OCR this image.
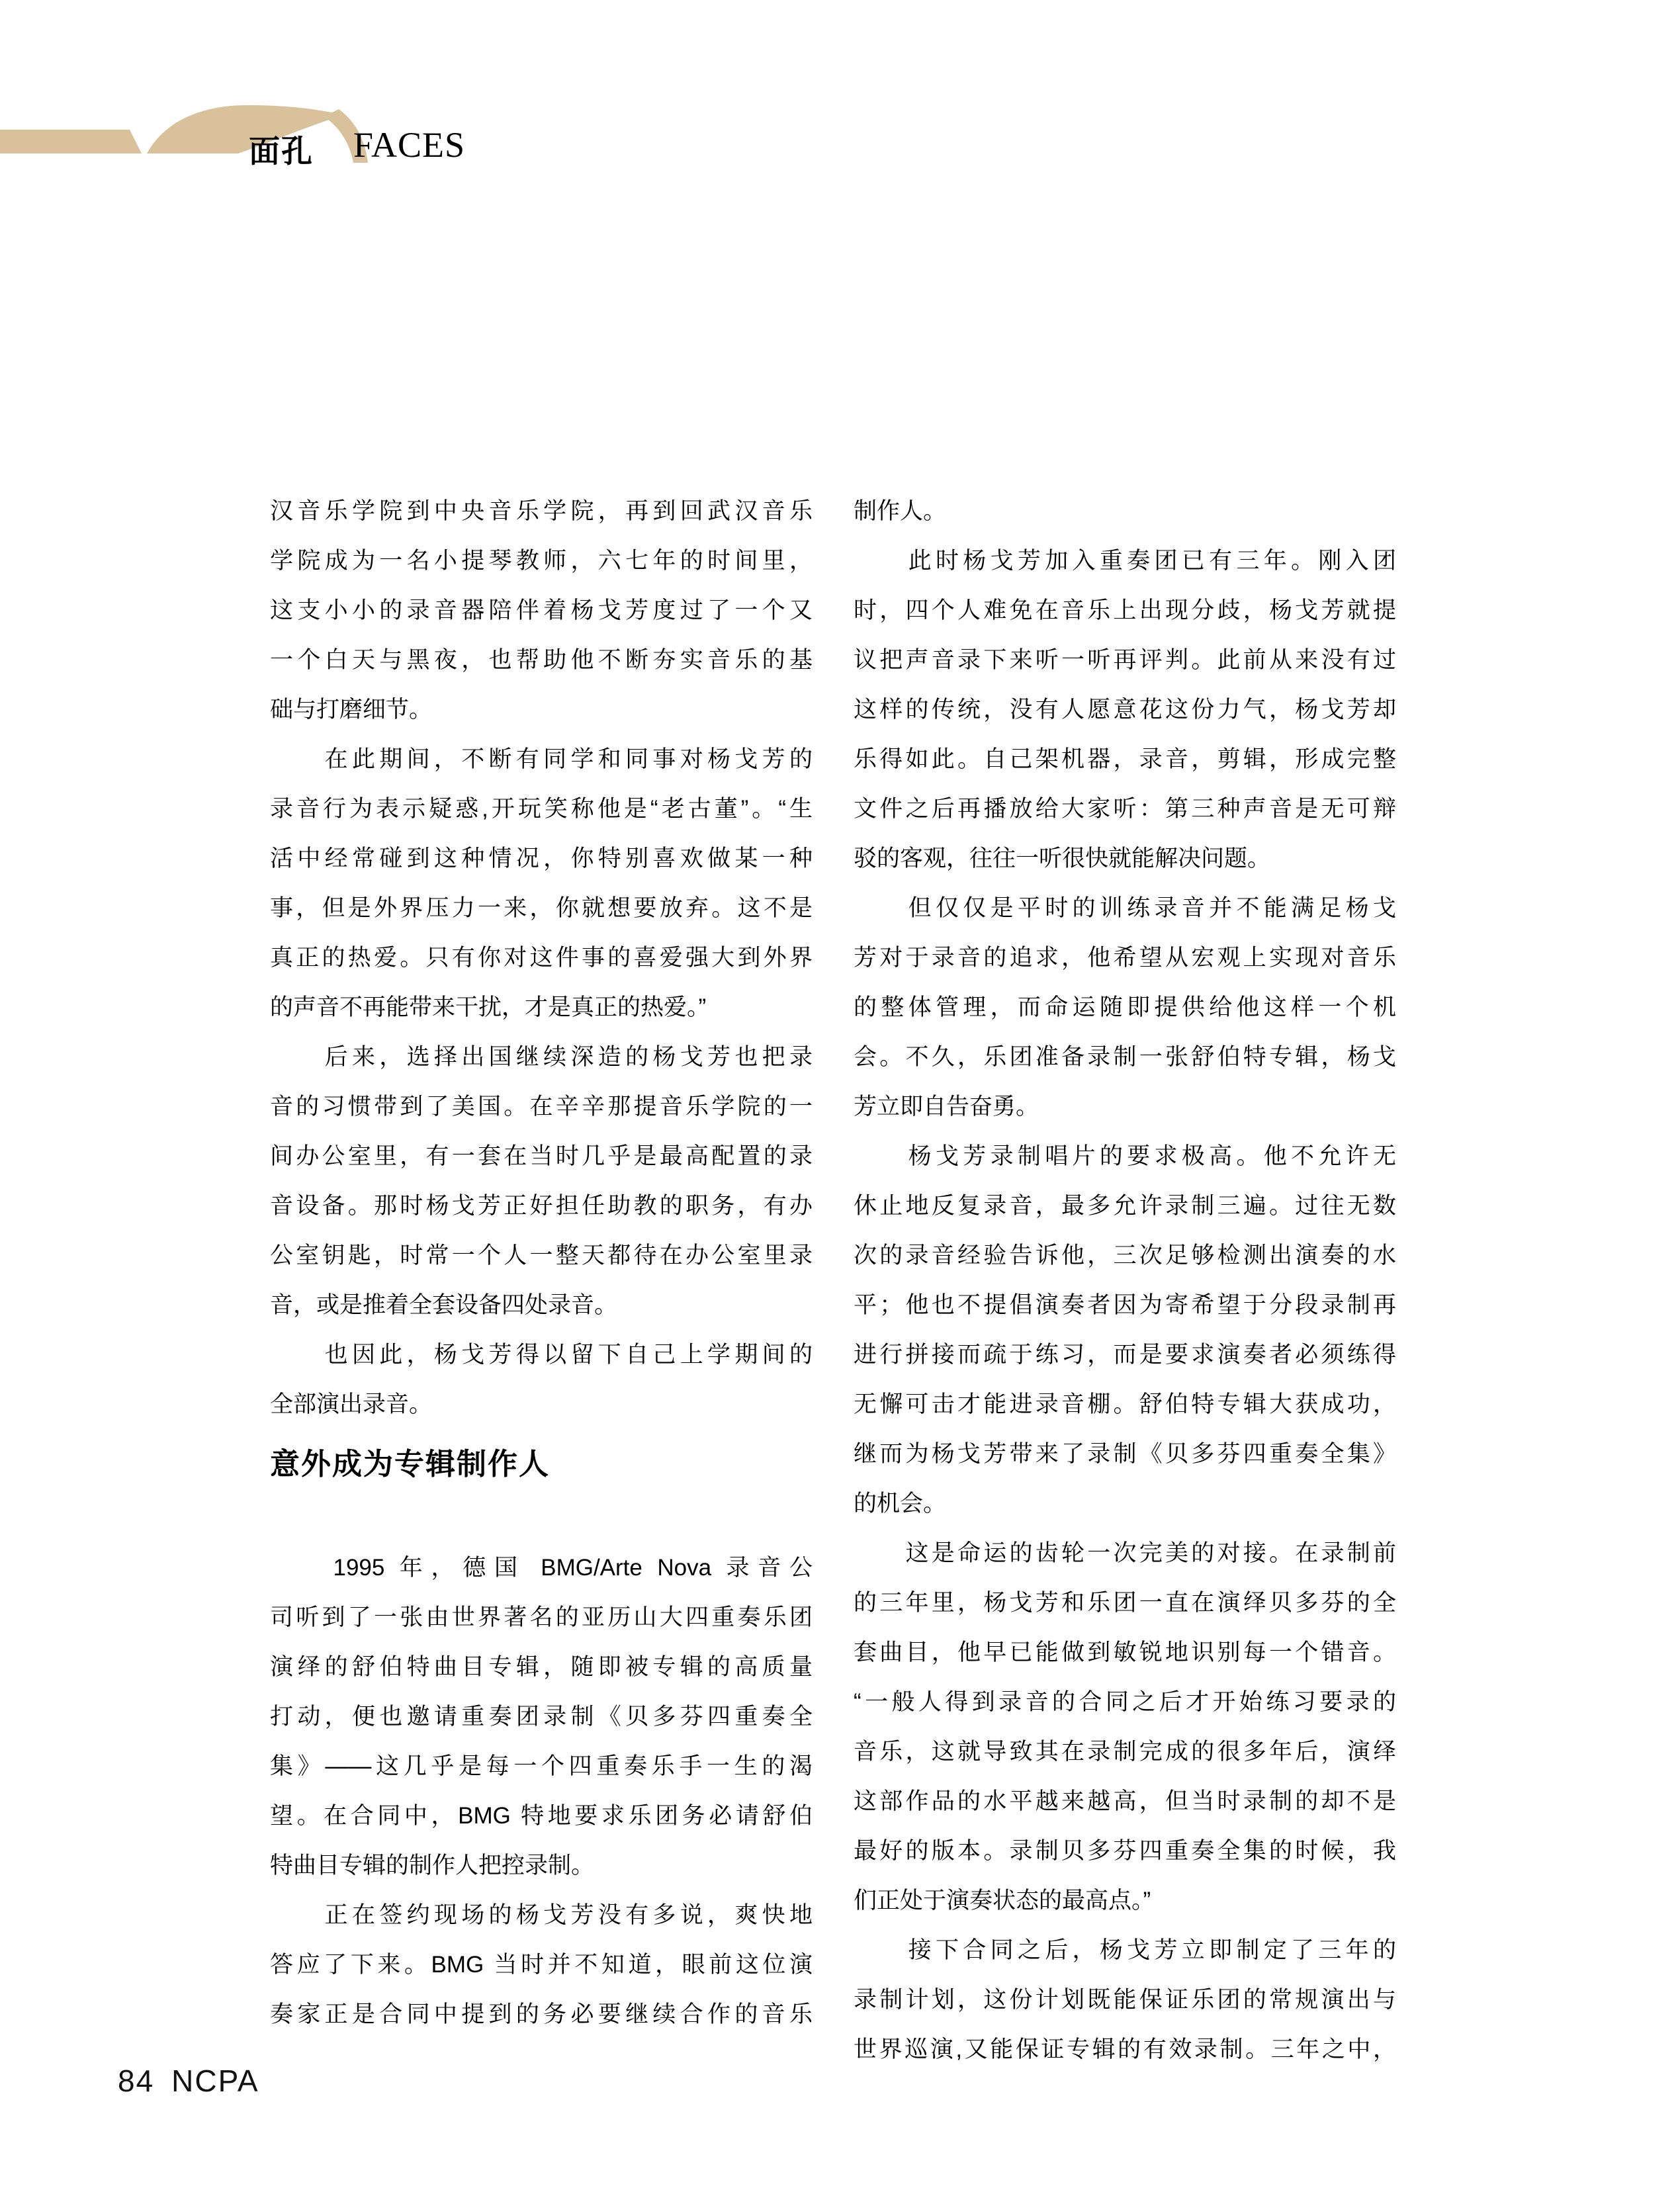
面孔 FACES
汉音乐学院到中央音乐学院，再到回武汉音乐
学院成为一名小提琴教师，六七年的时间里，
这支小小的录音器陪伴着杨戈芳度过了一个又
一个白天与黑夜，也帮助他不断夯实音乐的基
础与打磨细节。
　　在此期间，不断有同学和同事对杨戈芳的
录音行为表示疑惑,开玩笑称他是“老古董”。“生
活中经常碰到这种情况，你特别喜欢做某一种
事，但是外界压力一来，你就想要放弃。这不是
真正的热爱。只有你对这件事的喜爱强大到外界
的声音不再能带来干扰，才是真正的热爱。”
　　后来，选择出国继续深造的杨戈芳也把录
音的习惯带到了美国。在辛辛那提音乐学院的一
间办公室里，有一套在当时几乎是最高配置的录
音设备。那时杨戈芳正好担任助教的职务，有办
公室钥匙，时常一个人一整天都待在办公室里录
音，或是推着全套设备四处录音。
　　也因此，杨戈芳得以留下自己上学期间的
全部演出录音。
意外成为专辑制作人
　　1995 年，德国 BMG/Arte Nova 录音公
司听到了一张由世界著名的亚历山大四重奏乐团
演绎的舒伯特曲目专辑，随即被专辑的高质量
打动，便也邀请重奏团录制《贝多芬四重奏全
集》——这几乎是每一个四重奏乐手一生的渴
望。在合同中，BMG 特地要求乐团务必请舒伯
特曲目专辑的制作人把控录制。
　　正在签约现场的杨戈芳没有多说，爽快地
答应了下来。BMG 当时并不知道，眼前这位演
奏家正是合同中提到的务必要继续合作的音乐
制作人。
　　此时杨戈芳加入重奏团已有三年。刚入团
时，四个人难免在音乐上出现分歧，杨戈芳就提
议把声音录下来听一听再评判。此前从来没有过
这样的传统，没有人愿意花这份力气，杨戈芳却
乐得如此。自己架机器，录音，剪辑，形成完整
文件之后再播放给大家听：第三种声音是无可辩
驳的客观，往往一听很快就能解决问题。
　　但仅仅是平时的训练录音并不能满足杨戈
芳对于录音的追求，他希望从宏观上实现对音乐
的整体管理，而命运随即提供给他这样一个机
会。不久，乐团准备录制一张舒伯特专辑，杨戈
芳立即自告奋勇。
　　杨戈芳录制唱片的要求极高。他不允许无
休止地反复录音，最多允许录制三遍。过往无数
次的录音经验告诉他，三次足够检测出演奏的水
平；他也不提倡演奏者因为寄希望于分段录制再
进行拼接而疏于练习，而是要求演奏者必须练得
无懈可击才能进录音棚。舒伯特专辑大获成功，
继而为杨戈芳带来了录制《贝多芬四重奏全集》
的机会。
　　这是命运的齿轮一次完美的对接。在录制前
的三年里，杨戈芳和乐团一直在演绎贝多芬的全
套曲目，他早已能做到敏锐地识别每一个错音。
“一般人得到录音的合同之后才开始练习要录的
音乐，这就导致其在录制完成的很多年后，演绎
这部作品的水平越来越高，但当时录制的却不是
最好的版本。录制贝多芬四重奏全集的时候，我
们正处于演奏状态的最高点。”
　　接下合同之后，杨戈芳立即制定了三年的
录制计划，这份计划既能保证乐团的常规演出与
世界巡演,又能保证专辑的有效录制。三年之中，
84 NCPA
